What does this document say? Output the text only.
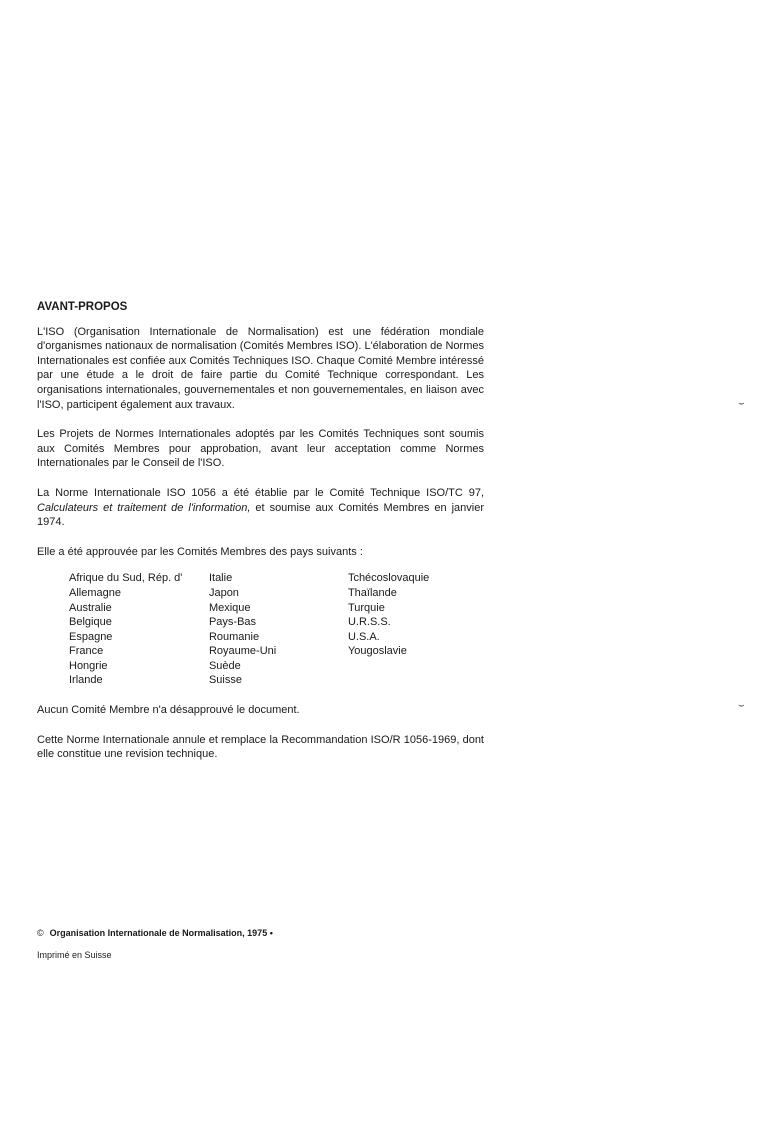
AVANT-PROPOS

L'ISO (Organisation Internationale de Normalisation) est une fédération mondiale d'organismes nationaux de normalisation (Comités Membres ISO). L'élaboration de Normes Internationales est confiée aux Comités Techniques ISO. Chaque Comité Membre intéressé par une étude a le droit de faire partie du Comité Technique correspondant. Les organisations internationales, gouvernementales et non gouvernementales, en liaison avec l'ISO, participent également aux travaux.

Les Projets de Normes Internationales adoptés par les Comités Techniques sont soumis aux Comités Membres pour approbation, avant leur acceptation comme Normes Internationales par le Conseil de l'ISO.

La Norme Internationale ISO 1056 a été établie par le Comité Technique ISO/TC 97, Calculateurs et traitement de l'information, et soumise aux Comités Membres en janvier 1974.

Elle a été approuvée par les Comités Membres des pays suivants :

Afrique du Sud, Rép. d'
Allemagne
Australie
Belgique
Espagne
France
Hongrie
Irlande
Italie
Japon
Mexique
Pays-Bas
Roumanie
Royaume-Uni
Suède
Suisse
Tchécoslovaquie
Thaïlande
Turquie
U.R.S.S.
U.S.A.
Yougoslavie

Aucun Comité Membre n'a désapprouvé le document.

Cette Norme Internationale annule et remplace la Recommandation ISO/R 1056-1969, dont elle constitue une revision technique.

© Organisation Internationale de Normalisation, 1975 •
Imprimé en Suisse
⌣
⌣
